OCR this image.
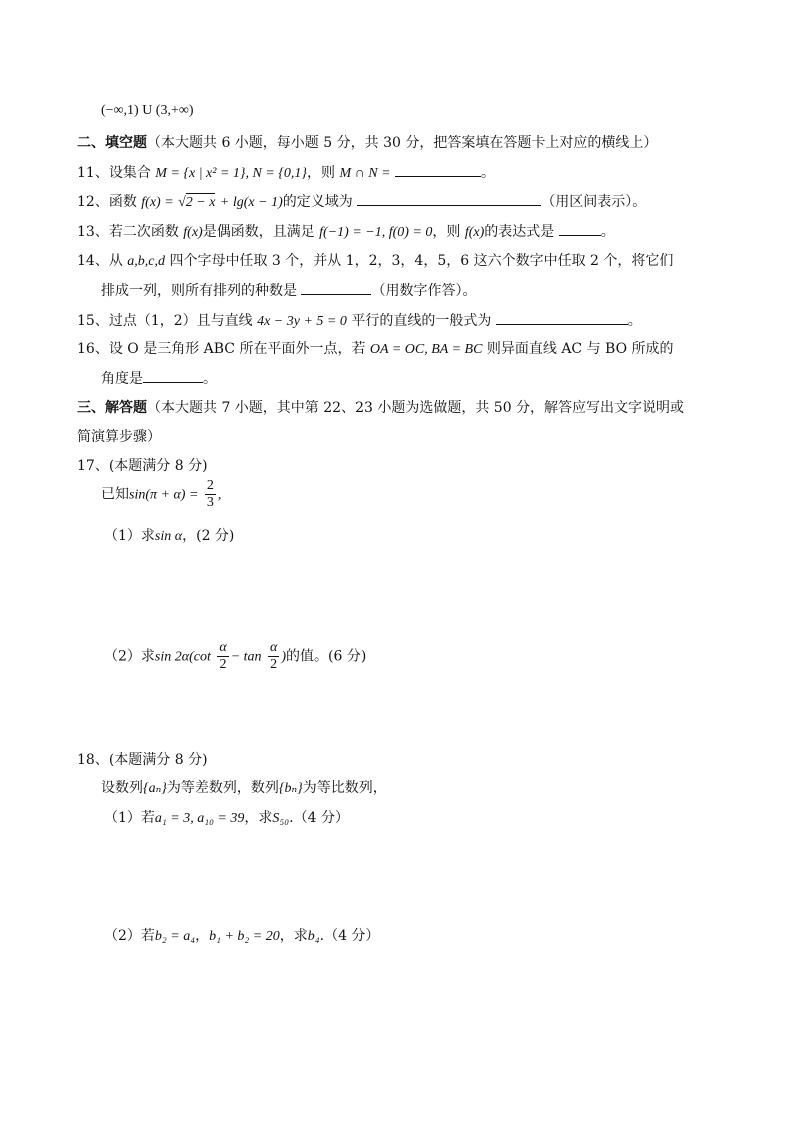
(−∞,1) U (3,+∞)
二、填空题（本大题共 6 小题，每小题 5 分，共 30 分，把答案填在答题卡上对应的横线上）
11、设集合 M = {x | x² = 1}, N = {0,1}，则 M ∩ N =	。
12、函数 f(x) = √2 − x + lg(x − 1)的定义域为	（用区间表示）。
13、若二次函数 f(x)是偶函数，且满足 f(−1) = −1, f(0) = 0，则 f(x)的表达式是	。
14、从 a,b,c,d 四个字母中任取 3 个，并从 1，2，3，4，5，6 这六个数字中任取 2 个，将它们
排成一列，则所有排列的种数是	（用数字作答）。
15、过点（1，2）且与直线 4x − 3y + 5 = 0 平行的直线的一般式为	。
16、设 O 是三角形 ABC 所在平面外一点，若 OA = OC, BA = BC 则异面直线 AC 与 BO 所成的
角度是	。
三、解答题（本大题共 7 小题，其中第 22、23 小题为选做题，共 50 分，解答应写出文字说明或
简演算步骤）
17、(本题满分 8 分)
已知$\sin(\pi + \alpha) = \frac{2}{3}$ ,
（1）求sin α，(2 分)
（2）求$\sin 2\alpha(\cot \frac{\alpha}{2} - \tan \frac{\alpha}{2}$ )的值。(6 分)
18、(本题满分 8 分)
设数列{aₙ}为等差数列，数列{bₙ}为等比数列，
（1）若a₁ = 3, a₁₀ = 39，求S₅₀.（4 分）
（2）若b₂ = a₄，b₁ + b₂ = 20，求b₄.（4 分）
